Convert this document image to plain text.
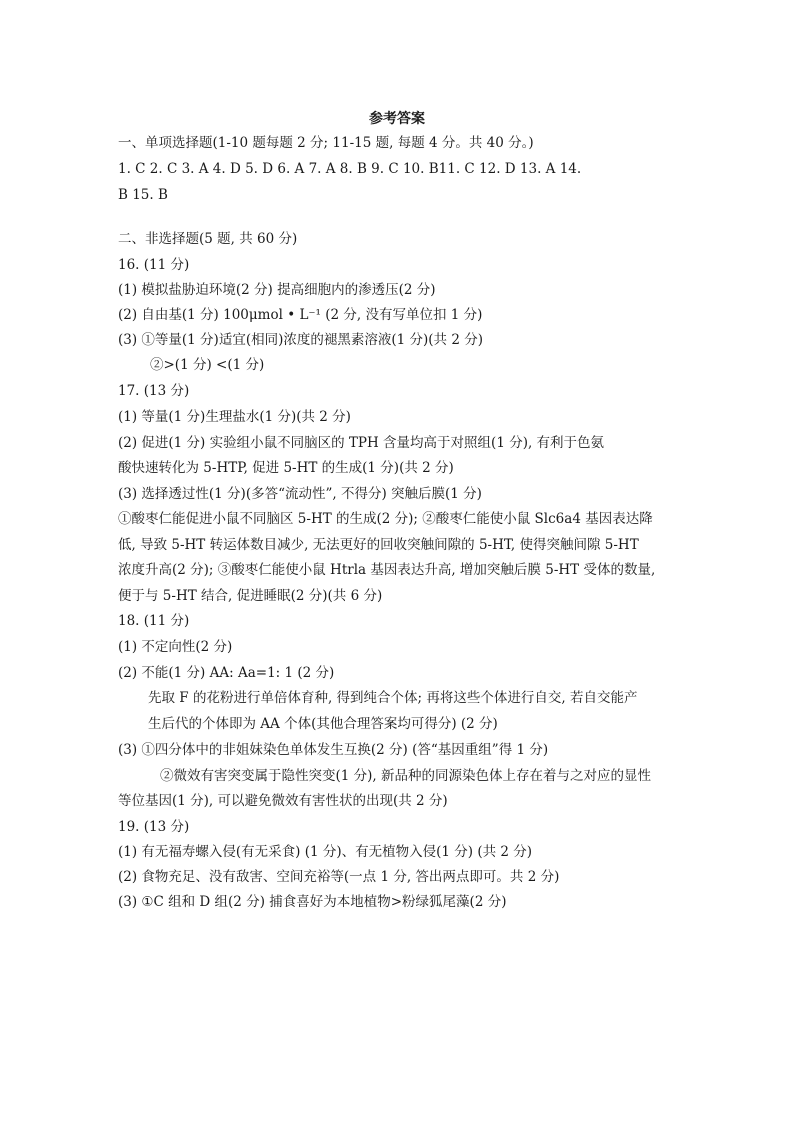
参考答案
一、单项选择题(1-10 题每题 2 分; 11-15 题, 每题 4 分。共 40 分。)
1. C 2. C 3. A 4. D 5. D 6. A 7. A 8. B 9. C 10. B11. C 12. D 13. A 14.
B 15. B
二、非选择题(5 题, 共 60 分)
16. (11 分)
(1) 模拟盐胁迫环境(2 分) 提高细胞内的渗透压(2 分)
(2) 自由基(1 分) 100μmol • L⁻¹ (2 分, 没有写单位扣 1 分)
(3) ①等量(1 分)适宜(相同)浓度的褪黑素溶液(1 分)(共 2 分)
②>(1 分) <(1 分)
17. (13 分)
(1) 等量(1 分)生理盐水(1 分)(共 2 分)
(2) 促进(1 分) 实验组小鼠不同脑区的 TPH 含量均高于对照组(1 分), 有利于色氨
酸快速转化为 5-HTP, 促进 5-HT 的生成(1 分)(共 2 分)
(3) 选择透过性(1 分)(多答“流动性”, 不得分) 突触后膜(1 分)
①酸枣仁能促进小鼠不同脑区 5-HT 的生成(2 分); ②酸枣仁能使小鼠 Slc6a4 基因表达降
低, 导致 5-HT 转运体数目减少, 无法更好的回收突触间隙的 5-HT, 使得突触间隙 5-HT
浓度升高(2 分); ③酸枣仁能使小鼠 Htrla 基因表达升高, 增加突触后膜 5-HT 受体的数量,
便于与 5-HT 结合, 促进睡眠(2 分)(共 6 分)
18. (11 分)
(1) 不定向性(2 分)
(2) 不能(1 分) AA: Aa=1: 1 (2 分)
先取 F 的花粉进行单倍体育种, 得到纯合个体; 再将这些个体进行自交, 若自交能产
生后代的个体即为 AA 个体(其他合理答案均可得分) (2 分)
(3) ①四分体中的非姐妹染色单体发生互换(2 分) (答“基因重组”得 1 分)
②微效有害突变属于隐性突变(1 分), 新品种的同源染色体上存在着与之对应的显性
等位基因(1 分), 可以避免微效有害性状的出现(共 2 分)
19. (13 分)
(1) 有无福寿螺入侵(有无采食) (1 分)、有无植物入侵(1 分) (共 2 分)
(2) 食物充足、没有敌害、空间充裕等(一点 1 分, 答出两点即可。共 2 分)
(3) ①C 组和 D 组(2 分) 捕食喜好为本地植物>粉绿狐尾藻(2 分)
